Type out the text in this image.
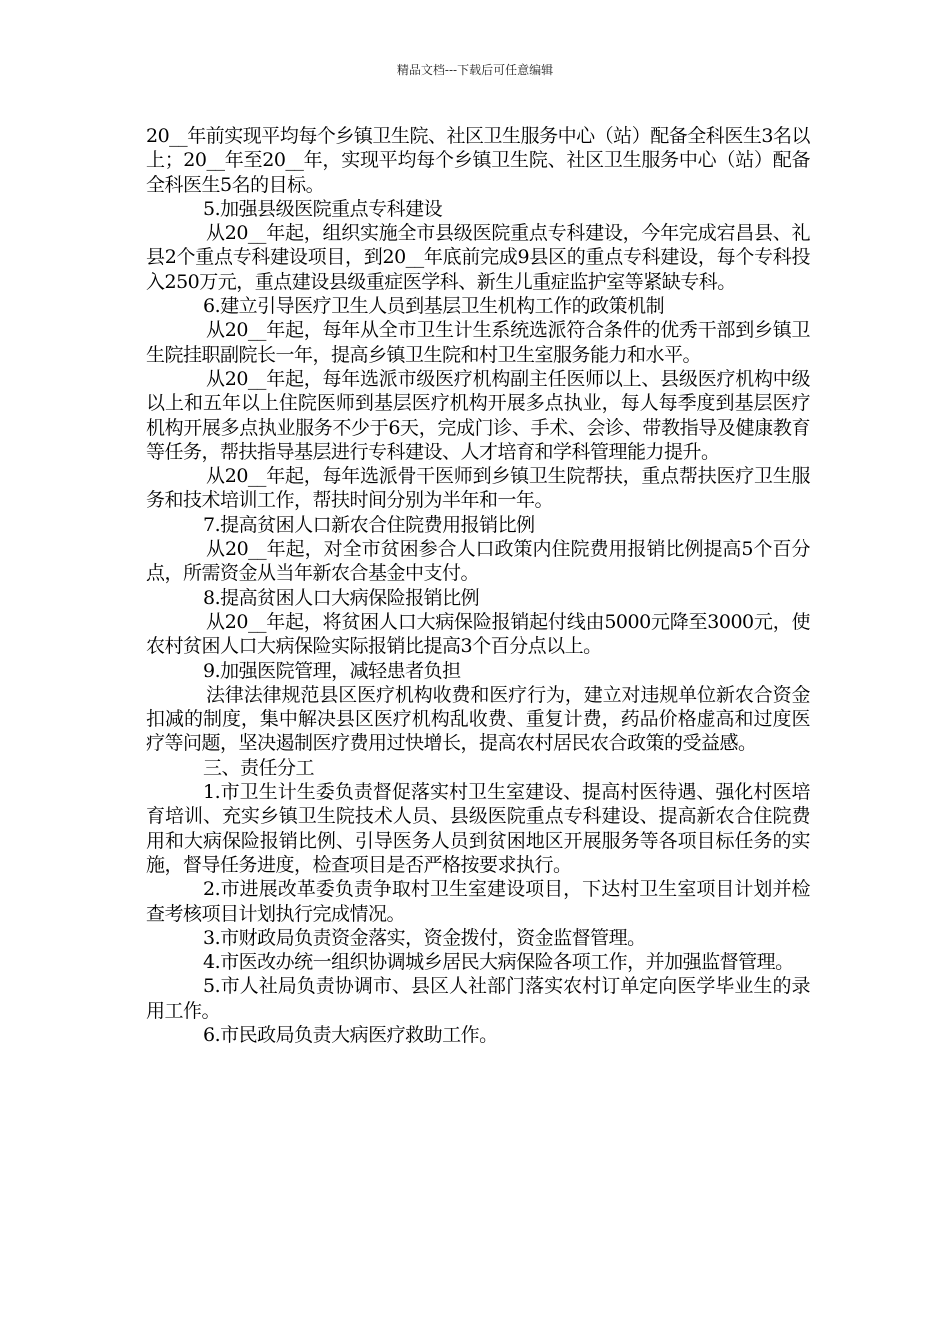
精品文档---下载后可任意编辑

20__年前实现平均每个乡镇卫生院、社区卫生服务中心（站）配备全科医生3名以上；20__年至20__年，实现平均每个乡镇卫生院、社区卫生服务中心（站）配备全科医生5名的目标。

5.加强县级医院重点专科建设

从20__年起，组织实施全市县级医院重点专科建设，今年完成宕昌县、礼县2个重点专科建设项目，到20__年底前完成9县区的重点专科建设，每个专科投入250万元，重点建设县级重症医学科、新生儿重症监护室等紧缺专科。

6.建立引导医疗卫生人员到基层卫生机构工作的政策机制

从20__年起，每年从全市卫生计生系统选派符合条件的优秀干部到乡镇卫生院挂职副院长一年，提高乡镇卫生院和村卫生室服务能力和水平。

从20__年起，每年选派市级医疗机构副主任医师以上、县级医疗机构中级以上和五年以上住院医师到基层医疗机构开展多点执业，每人每季度到基层医疗机构开展多点执业服务不少于6天，完成门诊、手术、会诊、带教指导及健康教育等任务，帮扶指导基层进行专科建设、人才培育和学科管理能力提升。

从20__年起，每年选派骨干医师到乡镇卫生院帮扶，重点帮扶医疗卫生服务和技术培训工作，帮扶时间分别为半年和一年。

7.提高贫困人口新农合住院费用报销比例

从20__年起，对全市贫困参合人口政策内住院费用报销比例提高5个百分点，所需资金从当年新农合基金中支付。

8.提高贫困人口大病保险报销比例

从20__年起，将贫困人口大病保险报销起付线由5000元降至3000元，使农村贫困人口大病保险实际报销比提高3个百分点以上。

9.加强医院管理，减轻患者负担

法律法律规范县区医疗机构收费和医疗行为，建立对违规单位新农合资金扣减的制度，集中解决县区医疗机构乱收费、重复计费，药品价格虚高和过度医疗等问题，坚决遏制医疗费用过快增长，提高农村居民农合政策的受益感。

三、责任分工

1.市卫生计生委负责督促落实村卫生室建设、提高村医待遇、强化村医培育培训、充实乡镇卫生院技术人员、县级医院重点专科建设、提高新农合住院费用和大病保险报销比例、引导医务人员到贫困地区开展服务等各项目标任务的实施，督导任务进度，检查项目是否严格按要求执行。

2.市进展改革委负责争取村卫生室建设项目，下达村卫生室项目计划并检查考核项目计划执行完成情况。

3.市财政局负责资金落实，资金拨付，资金监督管理。

4.市医改办统一组织协调城乡居民大病保险各项工作，并加强监督管理。

5.市人社局负责协调市、县区人社部门落实农村订单定向医学毕业生的录用工作。

6.市民政局负责大病医疗救助工作。
